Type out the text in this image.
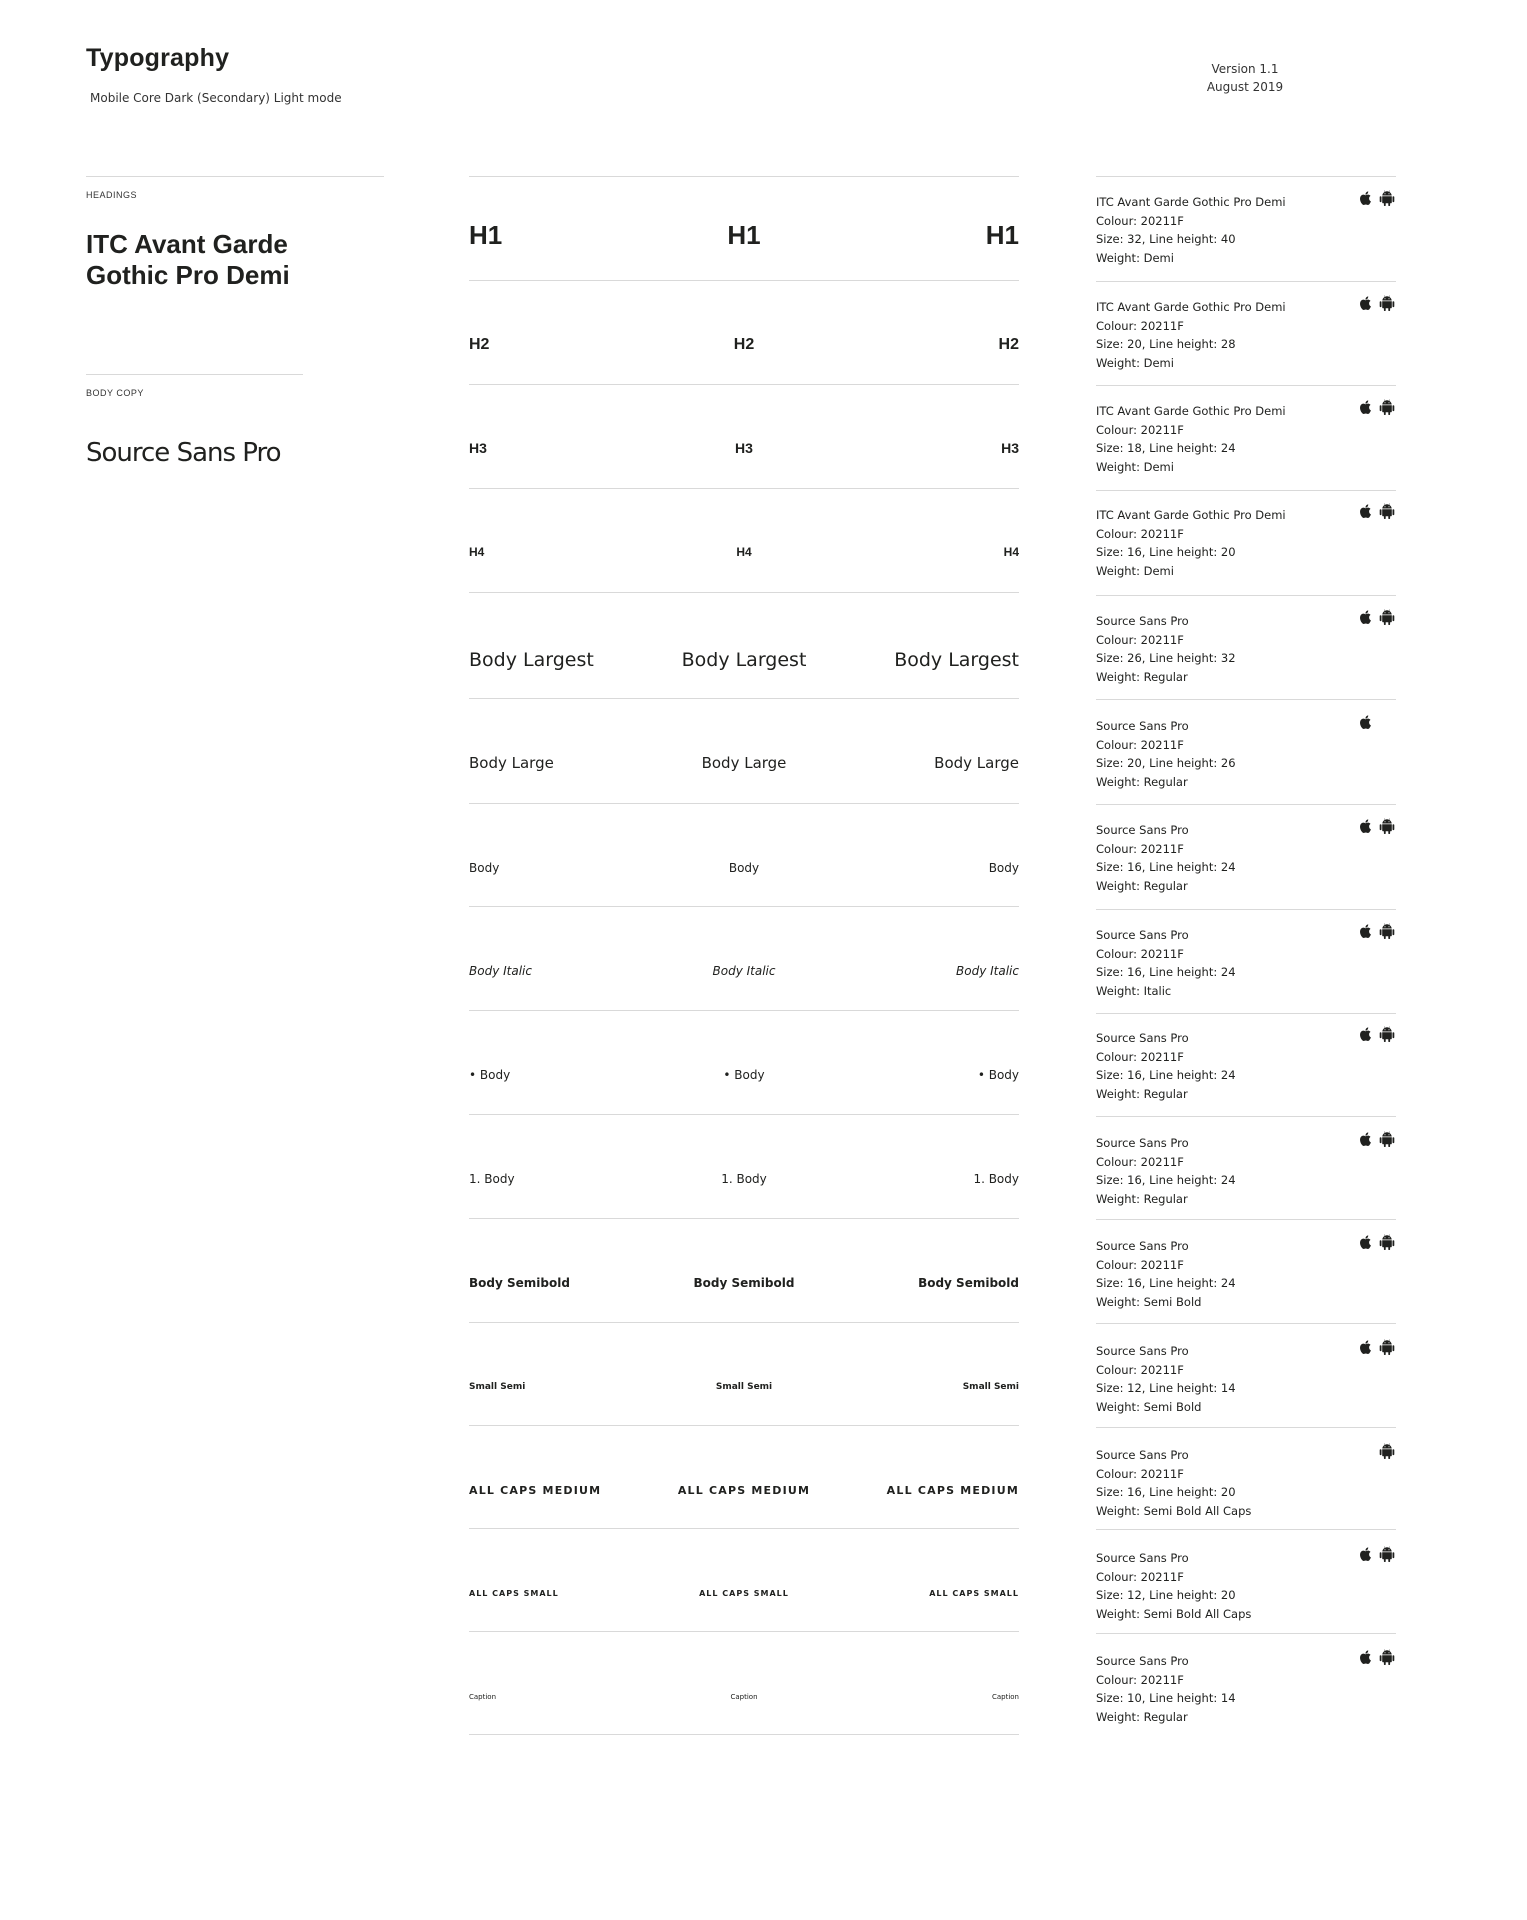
Typography
Mobile Core Dark (Secondary) Light mode
Version 1.1
August 2019
HEADINGS
ITC Avant Garde Gothic Pro Demi
BODY COPY
Source Sans Pro
H1	H1	H1
H2	H2	H2
H3	H3	H3
H4	H4	H4
Body Largest	Body Largest	Body Largest
Body Large	Body Large	Body Large
Body	Body	Body
Body Italic	Body Italic	Body Italic
• Body	• Body	• Body
1. Body	1. Body	1. Body
Body Semibold	Body Semibold	Body Semibold
Small Semi	Small Semi	Small Semi
ALL CAPS MEDIUM	ALL CAPS MEDIUM	ALL CAPS MEDIUM
ALL CAPS SMALL	ALL CAPS SMALL	ALL CAPS SMALL
Caption	Caption	Caption
ITC Avant Garde Gothic Pro Demi
Colour: 20211F
Size: 32, Line height: 40
Weight: Demi
ITC Avant Garde Gothic Pro Demi
Colour: 20211F
Size: 20, Line height: 28
Weight: Demi
ITC Avant Garde Gothic Pro Demi
Colour: 20211F
Size: 18, Line height: 24
Weight: Demi
ITC Avant Garde Gothic Pro Demi
Colour: 20211F
Size: 16, Line height: 20
Weight: Demi
Source Sans Pro
Colour: 20211F
Size: 26, Line height: 32
Weight: Regular
Source Sans Pro
Colour: 20211F
Size: 20, Line height: 26
Weight: Regular
Source Sans Pro
Colour: 20211F
Size: 16, Line height: 24
Weight: Regular
Source Sans Pro
Colour: 20211F
Size: 16, Line height: 24
Weight: Italic
Source Sans Pro
Colour: 20211F
Size: 16, Line height: 24
Weight: Regular
Source Sans Pro
Colour: 20211F
Size: 16, Line height: 24
Weight: Regular
Source Sans Pro
Colour: 20211F
Size: 16, Line height: 24
Weight: Semi Bold
Source Sans Pro
Colour: 20211F
Size: 12, Line height: 14
Weight: Semi Bold
Source Sans Pro
Colour: 20211F
Size: 16, Line height: 20
Weight: Semi Bold All Caps
Source Sans Pro
Colour: 20211F
Size: 12, Line height: 20
Weight: Semi Bold All Caps
Source Sans Pro
Colour: 20211F
Size: 10, Line height: 14
Weight: Regular
